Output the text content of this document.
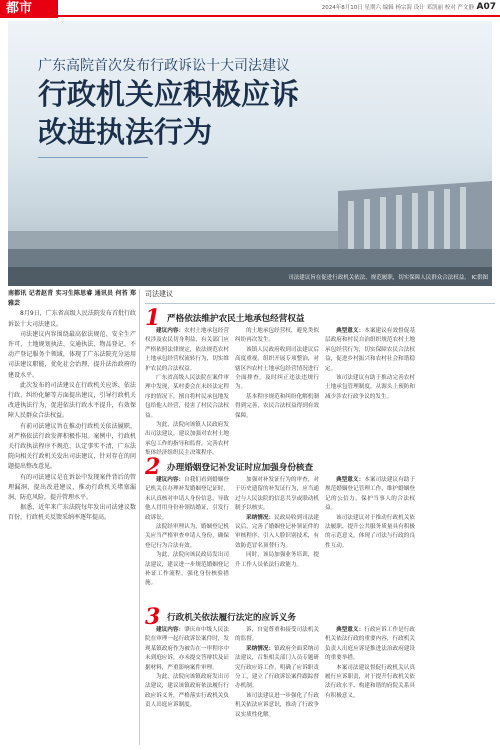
都市	2024年8月10日 星期六 编辑 杨宗海 设计 邓凯丽 校对 严文静 A07
广东高院首次发布行政诉讼十大司法建议
行政机关应积极应诉
改进执法行为
司法建议旨在促进行政机关依法、规范履职，切实保障人民群众合法权益。 IC供图

南都讯 记者赵青 实习生陈思睿 通讯员 何苔 郑雅芸

8月9日，广东省高级人民法院发布首批行政诉讼十大司法建议。

司法建议内容围绕最高依法规范、安全生产许可、土地规划执法、交通执法、物品登记、不动产登记服务个领域，体现了广东法院充分运用司法建议职能，优化社会治理、提升法治政府的建设水平。

此次发布的司法建议在行政机关应诉、依法行政、纠纷化解等方面提出建议，引导行政机关改进执法行为，促进依法行政水平提升，有效保障人民群众合法权益。

有前司法建议旨在推动行政机关依法履职，对严格依法行政发挥积极作用。案例中，行政机关行政执法程序不规范、认定事实不清，广东法院向相关行政机关发出司法建议，针对存在的问题提出整改意见。

有的司法建议是在诉讼中发现案件背后的管理漏洞，提出改进建议，推动行政机关堵塞漏洞、防范风险，提升管理水平。

据悉，近年来广东法院每年发出司法建议数百份，行政机关反馈采纳率逐年提高。

司法建议
1 严格依法维护农民土地承包经营权益

建议内容：农村土地承包经营权涉及农民切身利益，有关部门应严格依照法律规定，依法规范农村土地承包经营权流转行为，切实维护农民的合法权益。

广东省高级人民法院在案件审理中发现，某村委会在未经法定程序的情况下，擅自将村民承包地发包给他人经营，侵害了村民合法权益。

为此，法院向该镇人民政府发出司法建议，建议加强对农村土地承包工作的指导和监督，完善农村集体经济组织民主决策程序。

的土地承包经营权，避免类似纠纷再次发生。

该镇人民政府收到司法建议后高度重视，组织开展专项整治，对辖区内农村土地承包经营情况进行全面排查，及时纠正违法违规行为。

基本程序规范和纠纷化解机制得到完善，农民合法权益得到有效保障。

典型意义：本案建议有效督促基层政府和村民自治组织规范农村土地承包经营行为，切实保障农民合法权益，促进乡村振兴和农村社会和谐稳定。

该司法建议有助于推动完善农村土地承包管理制度，从源头上预防和减少涉农行政争议的发生。

2 办理婚姻登记补发证时应加强身份核查

建议内容：自我们看到婚姻登记机关在办理补发婚姻登记证时，未认真核对申请人身份信息，导致他人冒用身份补领结婚证，引发行政诉讼。

法院经审理认为，婚姻登记机关应当严格审查申请人身份，确保登记行为合法有效。

为此，法院向该民政局发出司法建议，建议进一步规范婚姻登记补证工作流程，强化身份核验措施。

加强对补发证行为的审查，对于历史遗留的补发证行为，应当通过与人民法院的信息共享或联动机制予以核实。

采纳情况：民政局收到司法建议后，完善了婚姻登记补领证件的审核程序，引入人脸识别技术，有效防范冒名顶替行为。

同时，该局加强业务培训，提升工作人员依法行政能力。

典型意义：本案司法建议有助于规范婚姻登记管理工作，维护婚姻登记的公信力，保护当事人的合法权益。

该司法建议对于推动行政机关依法履职、提升公共服务质量具有积极的示范意义，体现了司法与行政的良性互动。

3 行政机关依法履行法定的应诉义务

建议内容：肇庆市中级人民法院在审理一起行政诉讼案件时，发现某镇政府作为被告在一审程序中未到庭应诉，亦未提交答辩状及证据材料，严重影响案件审理。

为此，法院向该镇政府发出司法建议，建议该镇政府依法履行行政应诉义务，严格落实行政机关负责人出庭应诉制度。

诉，自觉尊重和接受司法机关的监督。

采纳情况：镇政府全面采纳司法建议，召集相关部门人员专题研究行政应诉工作，明确了应诉职责分工，建立了行政诉讼案件跟踪督办机制。

该司法建议进一步强化了行政机关依法应诉意识，推动了行政争议实质性化解。

典型意义：行政应诉工作是行政机关依法行政的重要内容，行政机关负责人出庭应诉是推进法治政府建设的重要举措。

本案司法建议督促行政机关认真履行应诉职责，对于提升行政机关依法行政水平、构建和谐的府院关系具有积极意义。
